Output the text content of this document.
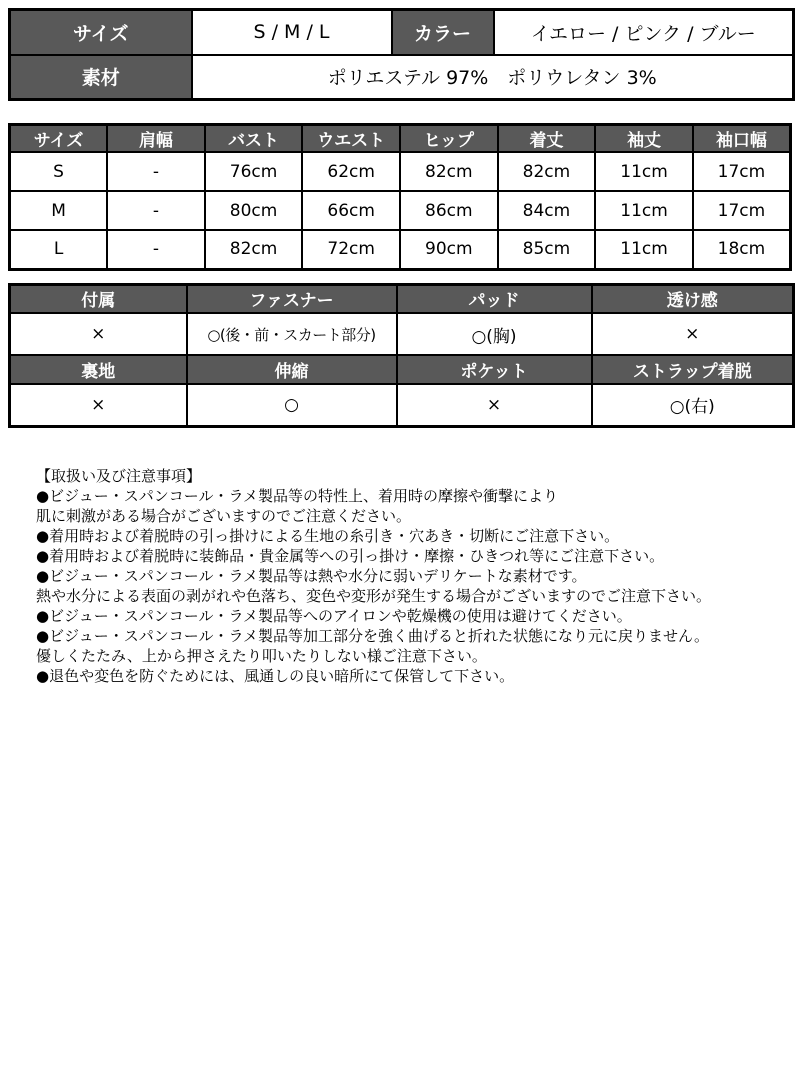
サイズ	S / M / L	カラー	イエロー / ピンク / ブルー
素材	ポリエステル 97%　ポリウレタン 3%		
サイズ	肩幅	バスト	ウエスト	ヒップ	着丈	袖丈	袖口幅
S	-	76cm	62cm	82cm	82cm	11cm	17cm
M	-	80cm	66cm	86cm	84cm	11cm	17cm
L	-	82cm	72cm	90cm	85cm	11cm	18cm
付属	ファスナー	パッド	透け感
×	○(後・前・スカート部分)	○(胸)	×
裏地	伸縮	ポケット	ストラップ着脱
×	○	×	○(右)
【取扱い及び注意事項】
●ビジュー・スパンコール・ラメ製品等の特性上、着用時の摩擦や衝撃により
肌に刺激がある場合がございますのでご注意ください。
●着用時および着脱時の引っ掛けによる生地の糸引き・穴あき・切断にご注意下さい。
●着用時および着脱時に装飾品・貴金属等への引っ掛け・摩擦・ひきつれ等にご注意下さい。
●ビジュー・スパンコール・ラメ製品等は熱や水分に弱いデリケートな素材です。
熱や水分による表面の剥がれや色落ち、変色や変形が発生する場合がございますのでご注意下さい。
●ビジュー・スパンコール・ラメ製品等へのアイロンや乾燥機の使用は避けてください。
●ビジュー・スパンコール・ラメ製品等加工部分を強く曲げると折れた状態になり元に戻りません。
優しくたたみ、上から押さえたり叩いたりしない様ご注意下さい。
●退色や変色を防ぐためには、風通しの良い暗所にて保管して下さい。
